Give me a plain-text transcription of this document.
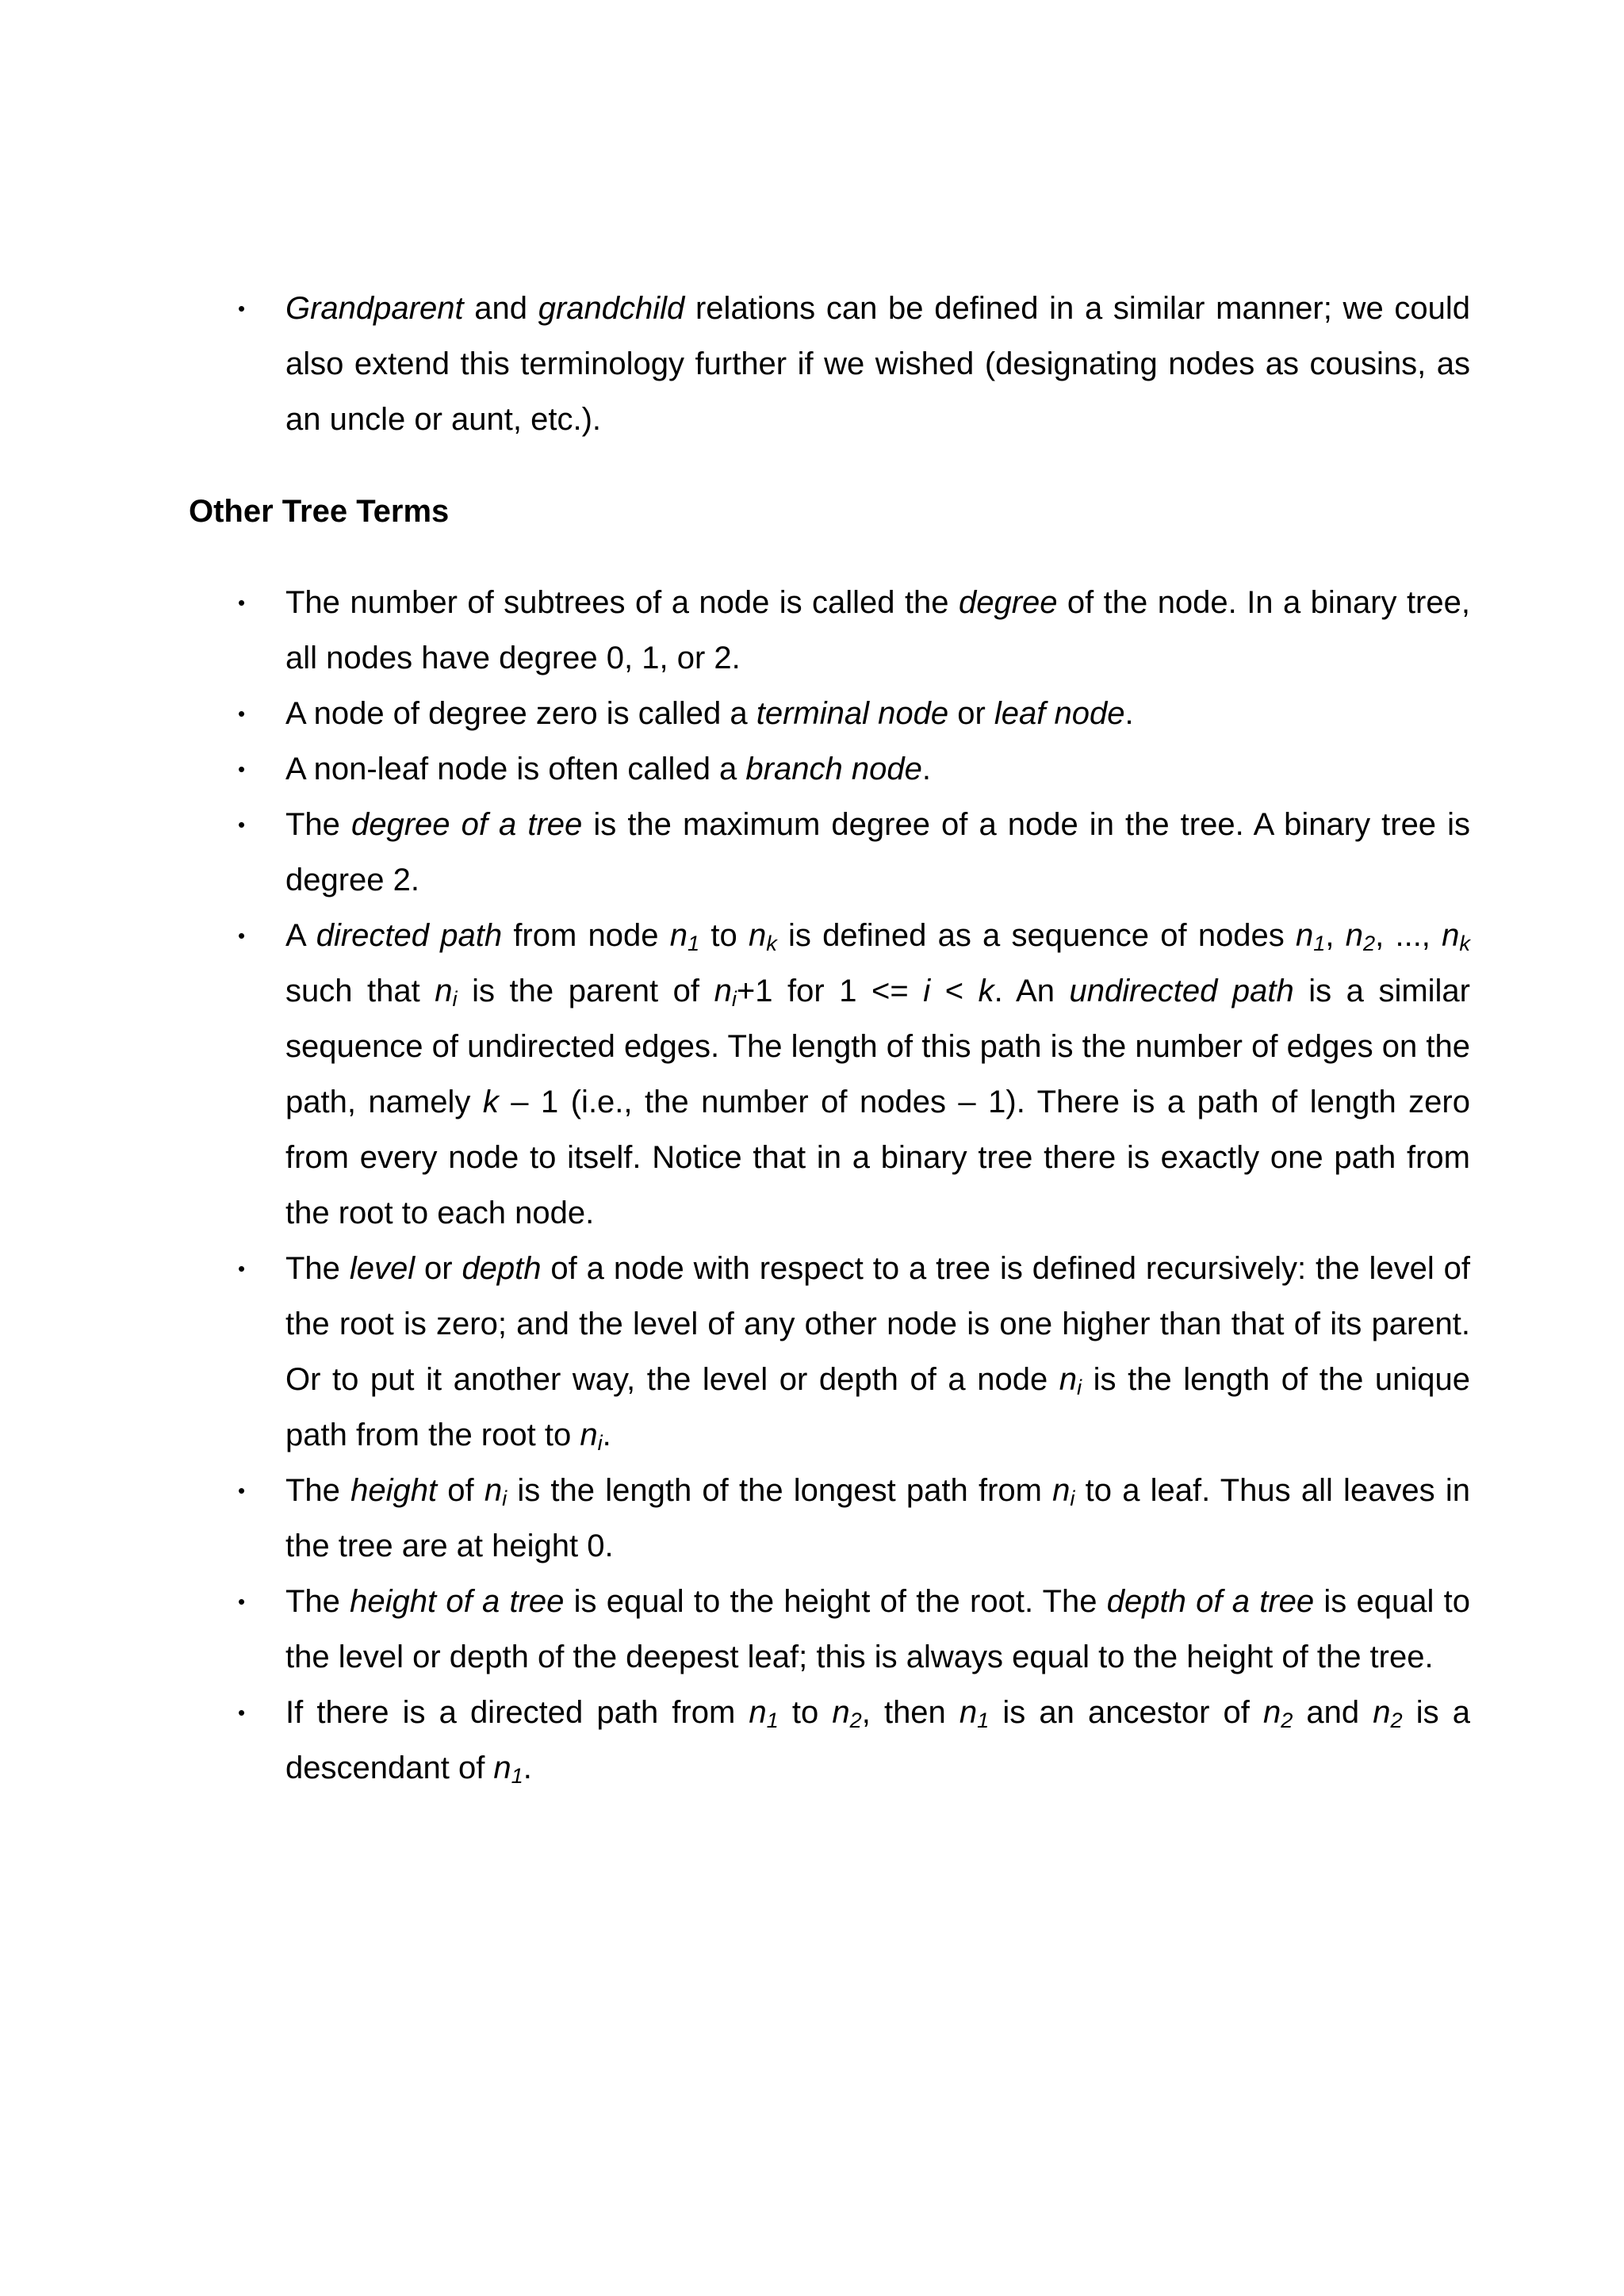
• Grandparent and grandchild relations can be defined in a similar manner; we could also extend this terminology further if we wished (designating nodes as cousins, as an uncle or aunt, etc.).
Other Tree Terms
• The number of subtrees of a node is called the degree of the node. In a binary tree, all nodes have degree 0, 1, or 2.
• A node of degree zero is called a terminal node or leaf node.
• A non-leaf node is often called a branch node.
• The degree of a tree is the maximum degree of a node in the tree. A binary tree is degree 2.
• A directed path from node $n_1$ to $n_k$ is defined as a sequence of nodes $n_1$, $n_2$, ..., $n_k$ such that $n_i$ is the parent of $n_i+1$ for 1 <= i < k. An undirected path is a similar sequence of undirected edges. The length of this path is the number of edges on the path, namely k – 1 (i.e., the number of nodes – 1). There is a path of length zero from every node to itself. Notice that in a binary tree there is exactly one path from the root to each node.
• The level or depth of a node with respect to a tree is defined recursively: the level of the root is zero; and the level of any other node is one higher than that of its parent. Or to put it another way, the level or depth of a node $n_i$ is the length of the unique path from the root to $n_i$.
• The height of $n_i$ is the length of the longest path from $n_i$ to a leaf. Thus all leaves in the tree are at height 0.
• The height of a tree is equal to the height of the root. The depth of a tree is equal to the level or depth of the deepest leaf; this is always equal to the height of the tree.
• If there is a directed path from $n_1$ to $n_2$, then $n_1$ is an ancestor of $n_2$ and $n_2$ is a descendant of $n_1$.
